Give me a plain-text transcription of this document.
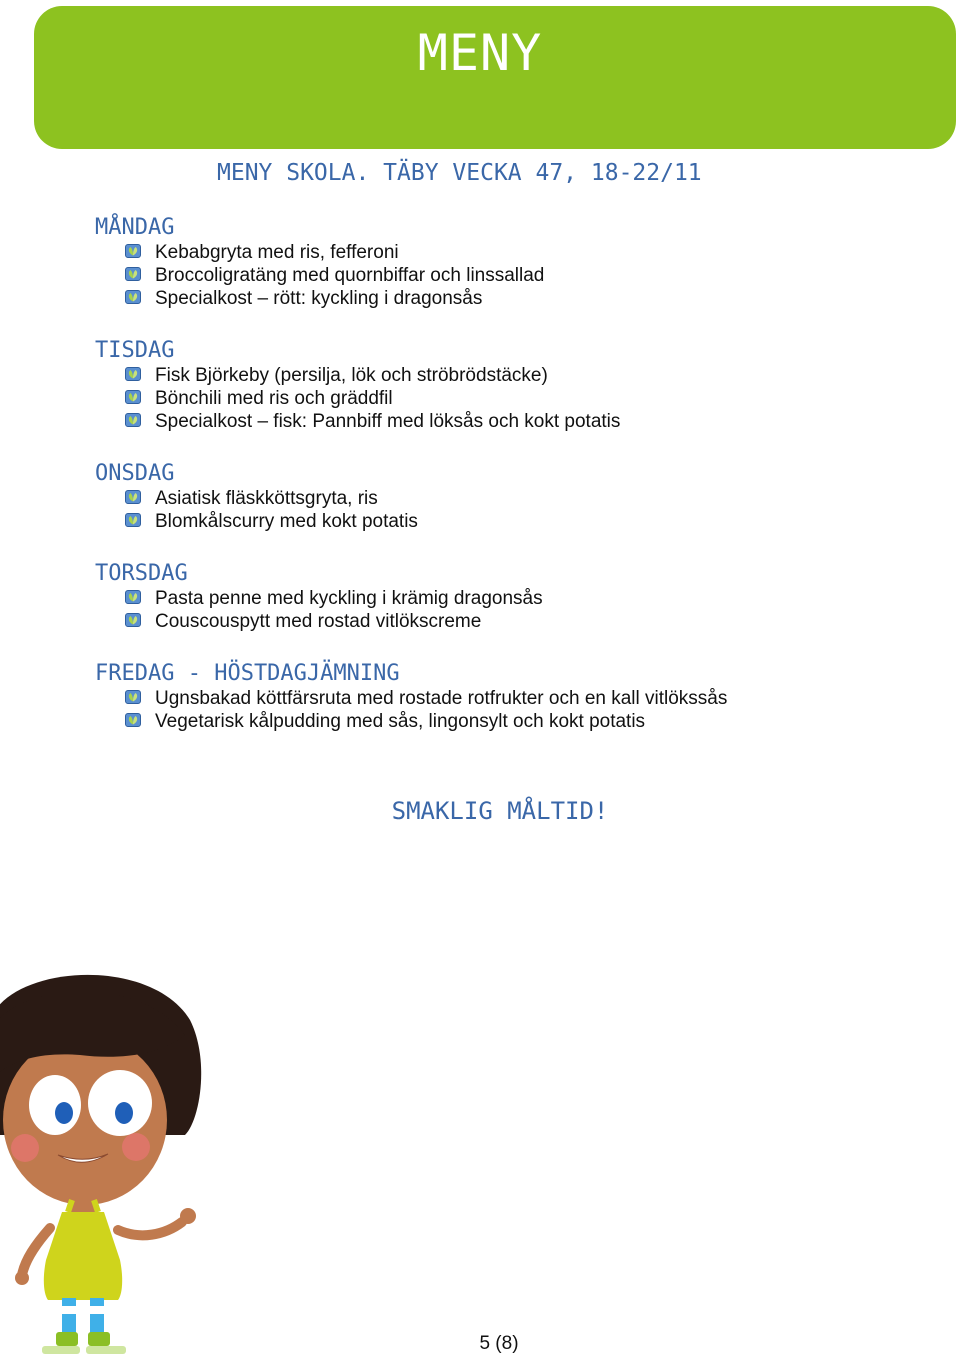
MENY
MENY SKOLA. TÄBY VECKA 47, 18-22/11
MÅNDAG
Kebabgryta med ris, fefferoni
Broccoligratäng med quornbiffar och linssallad
Specialkost – rött: kyckling i dragonsås
TISDAG
Fisk Björkeby (persilja, lök och ströbrödstäcke)
Bönchili med ris och gräddfil
Specialkost – fisk: Pannbiff med löksås och kokt potatis
ONSDAG
Asiatisk fläskköttsgryta, ris
Blomkålscurry med kokt potatis
TORSDAG
Pasta penne med kyckling i krämig dragonsås
Couscouspytt med rostad vitlökscreme
FREDAG - HÖSTDAGJÄMNING
Ugnsbakad köttfärsruta med rostade rotfrukter och en kall vitlökssås
Vegetarisk kålpudding med sås, lingonsylt och kokt potatis
SMAKLIG MÅLTID!
5 (8)
